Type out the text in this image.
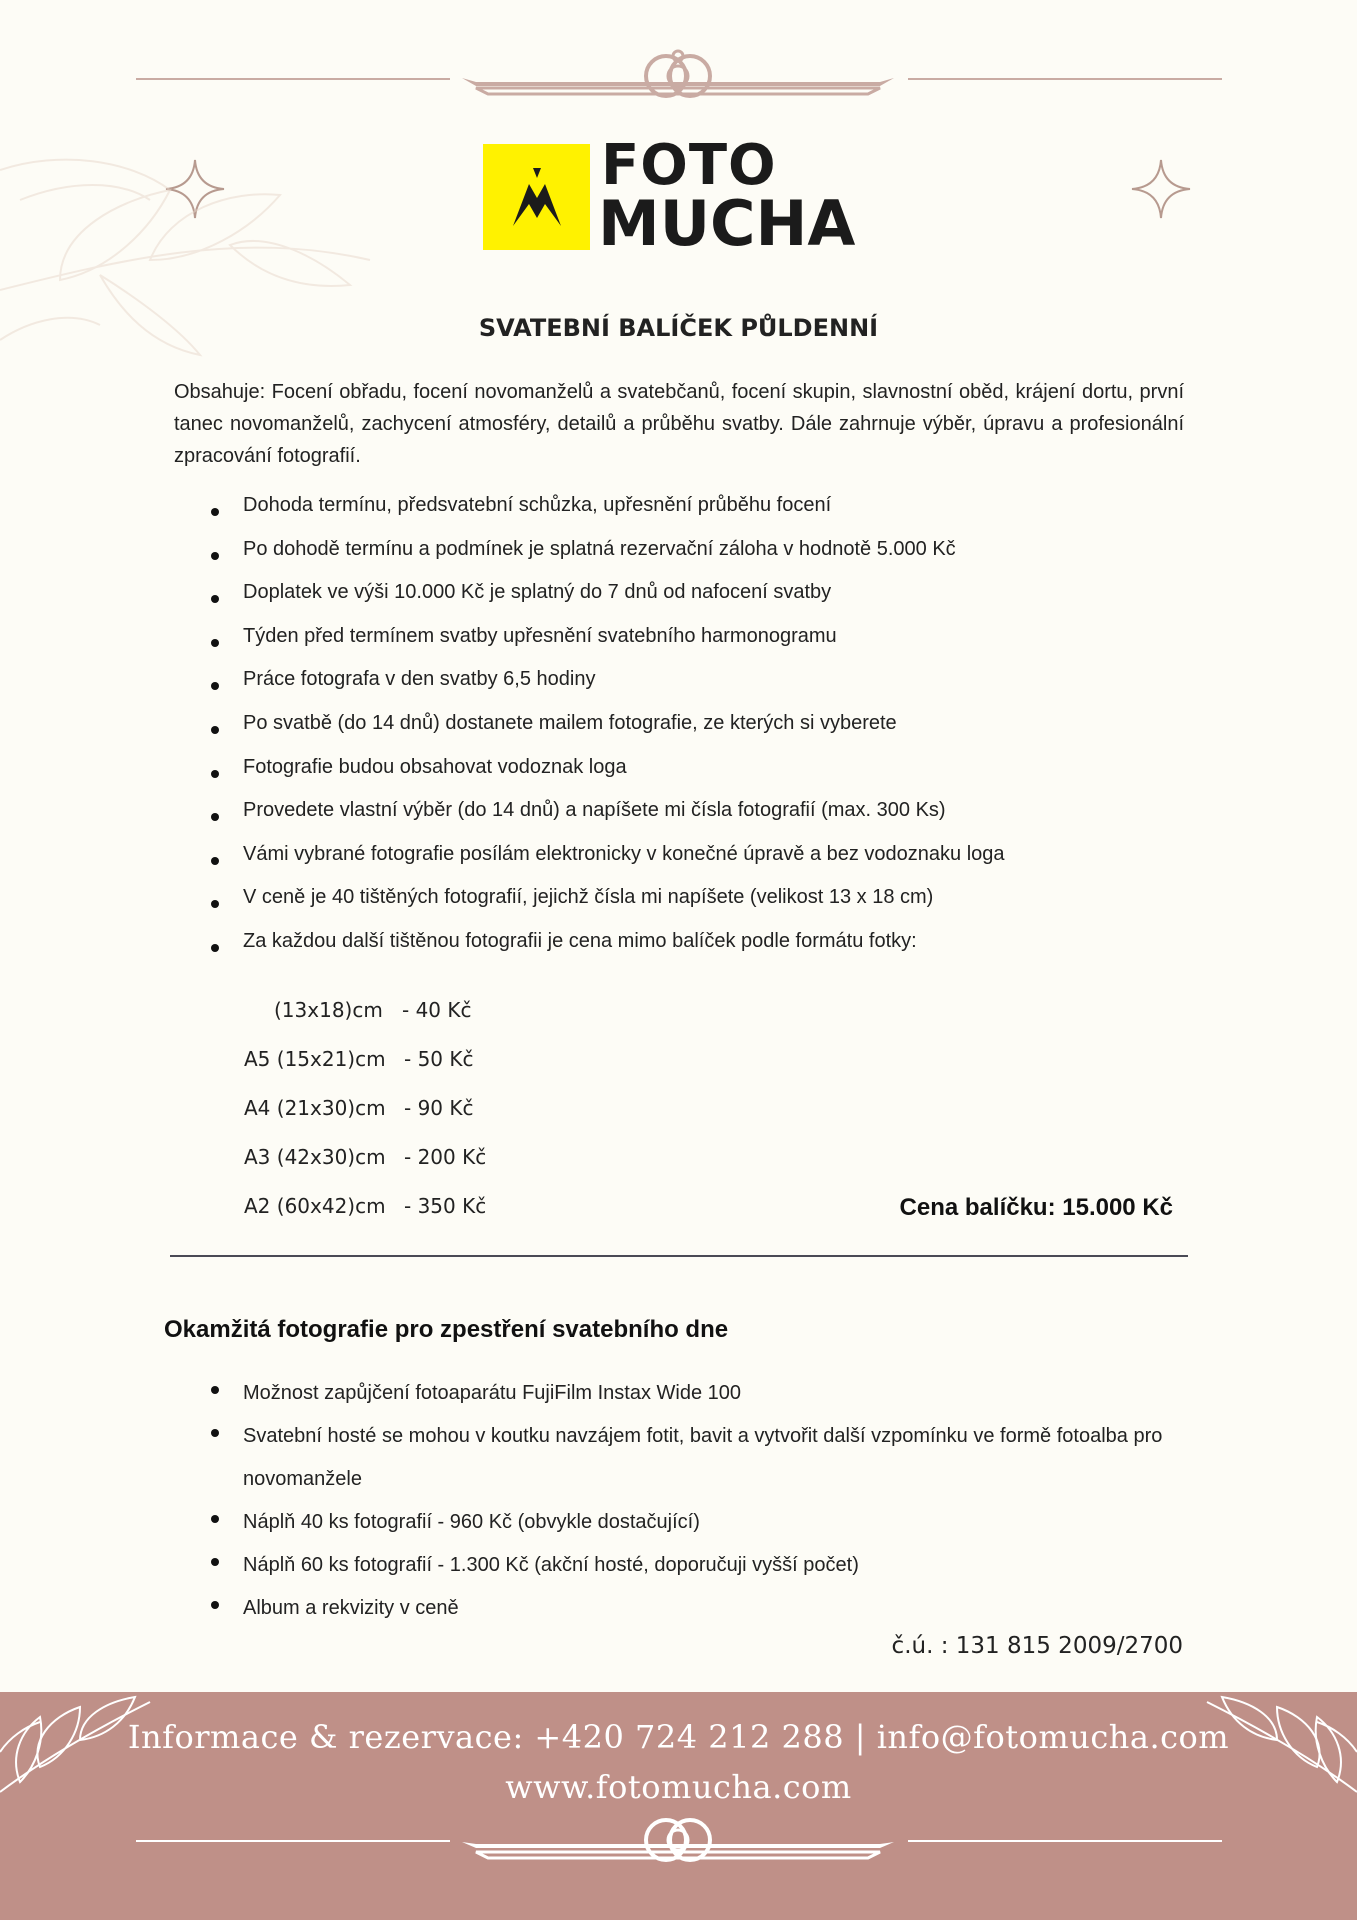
FOTO
MUCHA
SVATEBNÍ BALÍČEK PŮLDENNÍ
Obsahuje: Focení obřadu, focení novomanželů a svatebčanů, focení skupin, slavnostní oběd, krájení dortu, první tanec novomanželů, zachycení atmosféry, detailů a průběhu svatby. Dále zahrnuje výběr, úpravu a profesionální zpracování fotografií.
Dohoda termínu, předsvatební schůzka, upřesnění průběhu focení
Po dohodě termínu a podmínek je splatná rezervační záloha v hodnotě 5.000 Kč
Doplatek ve výši 10.000 Kč je splatný do 7 dnů od nafocení svatby
Týden před termínem svatby upřesnění svatebního harmonogramu
Práce fotografa v den svatby 6,5 hodiny
Po svatbě (do 14 dnů) dostanete mailem fotografie, ze kterých si vyberete
Fotografie budou obsahovat vodoznak loga
Provedete vlastní výběr (do 14 dnů) a napíšete mi čísla fotografií (max. 300 Ks)
Vámi vybrané fotografie posílám elektronicky v konečné úpravě a bez vodoznaku loga
V ceně je 40 tištěných fotografií, jejichž čísla mi napíšete (velikost 13 x 18 cm)
Za každou další tištěnou fotografii je cena mimo balíček podle formátu fotky:
(13x18)cm - 40 Kč
A5 (15x21)cm - 50 Kč
A4 (21x30)cm - 90 Kč
A3 (42x30)cm - 200 Kč
A2 (60x42)cm - 350 Kč	Cena balíčku: 15.000 Kč
Okamžitá fotografie pro zpestření svatebního dne
Možnost zapůjčení fotoaparátu FujiFilm Instax Wide 100
Svatební hosté se mohou v koutku navzájem fotit, bavit a vytvořit další vzpomínku ve formě fotoalba pro novomanžele
Náplň 40 ks fotografií - 960 Kč (obvykle dostačující)
Náplň 60 ks fotografií - 1.300 Kč (akční hosté, doporučuji vyšší počet)
Album a rekvizity v ceně
č.ú. : 131 815 2009/2700
Informace & rezervace: +420 724 212 288 | info@fotomucha.com
www.fotomucha.com
